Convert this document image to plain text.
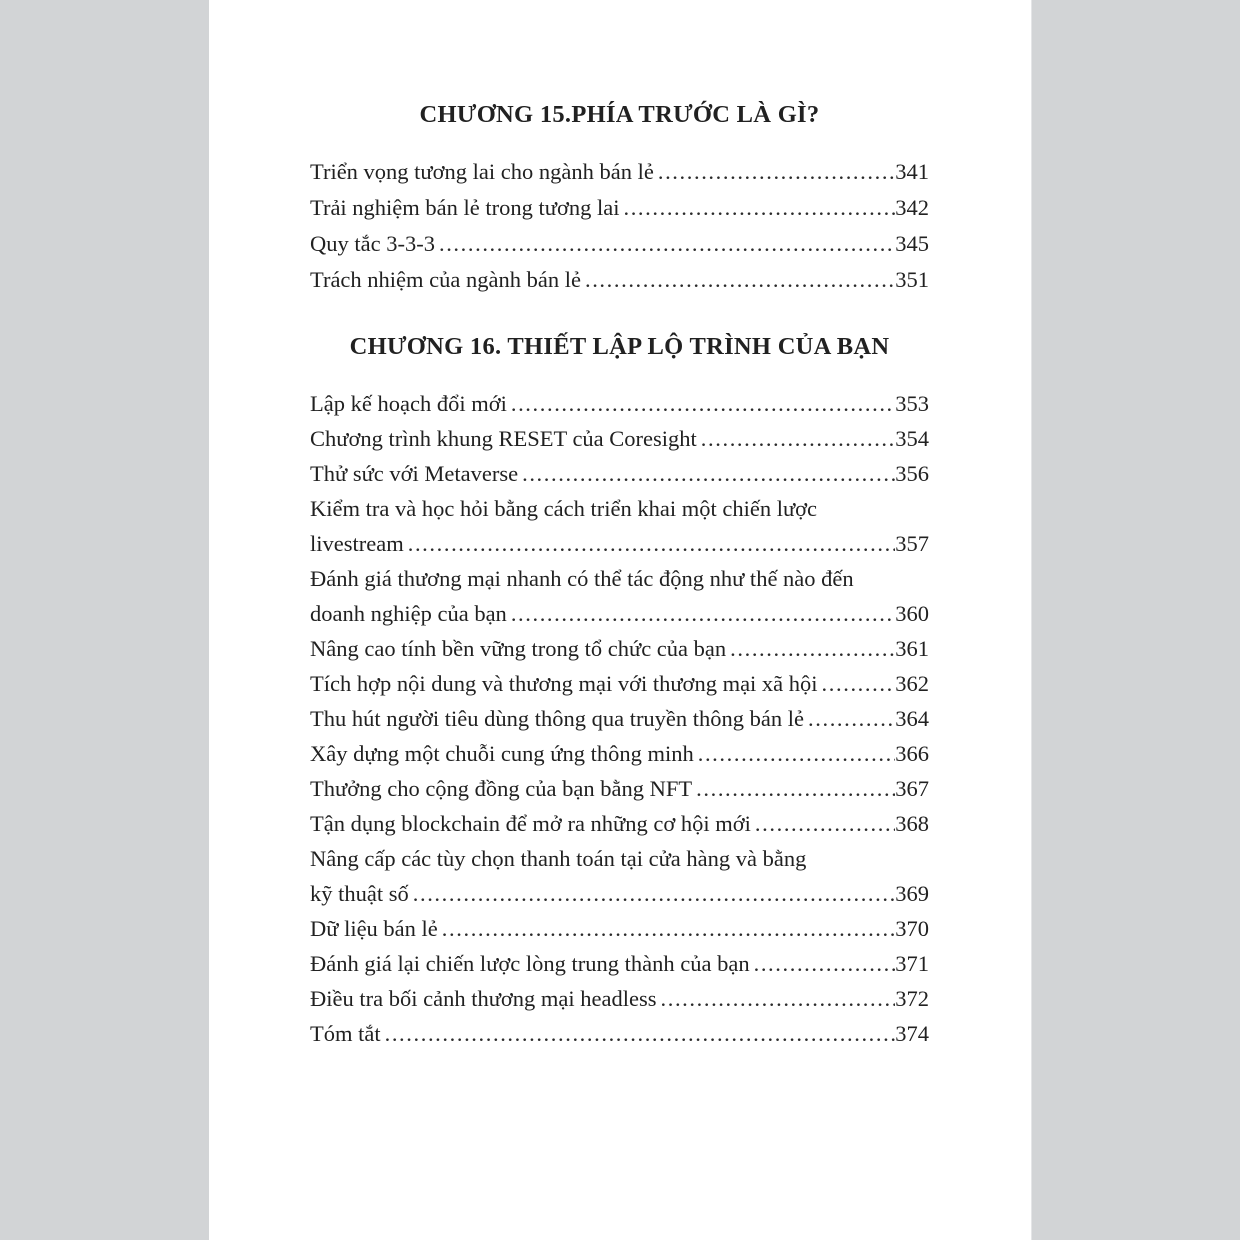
CHƯƠNG 15.PHÍA TRƯỚC LÀ GÌ?
Triển vọng tương lai cho ngành bán lẻ .....	341
Trải nghiệm bán lẻ trong tương lai .....	342
Quy tắc 3-3-3 .....	345
Trách nhiệm của ngành bán lẻ .....	351
CHƯƠNG 16. THIẾT LẬP LỘ TRÌNH CỦA BẠN
Lập kế hoạch đổi mới .....	353
Chương trình khung RESET của Coresight .....	354
Thử sức với Metaverse .....	356
Kiểm tra và học hỏi bằng cách triển khai một chiến lược
livestream .....	357
Đánh giá thương mại nhanh có thể tác động như thế nào đến
doanh nghiệp của bạn .....	360
Nâng cao tính bền vững trong tổ chức của bạn .....	361
Tích hợp nội dung và thương mại với thương mại xã hội .....	362
Thu hút người tiêu dùng thông qua truyền thông bán lẻ .....	364
Xây dựng một chuỗi cung ứng thông minh .....	366
Thưởng cho cộng đồng của bạn bằng NFT .....	367
Tận dụng blockchain để mở ra những cơ hội mới .....	368
Nâng cấp các tùy chọn thanh toán tại cửa hàng và bằng
kỹ thuật số .....	369
Dữ liệu bán lẻ .....	370
Đánh giá lại chiến lược lòng trung thành của bạn .....	371
Điều tra bối cảnh thương mại headless .....	372
Tóm tắt .....	374
